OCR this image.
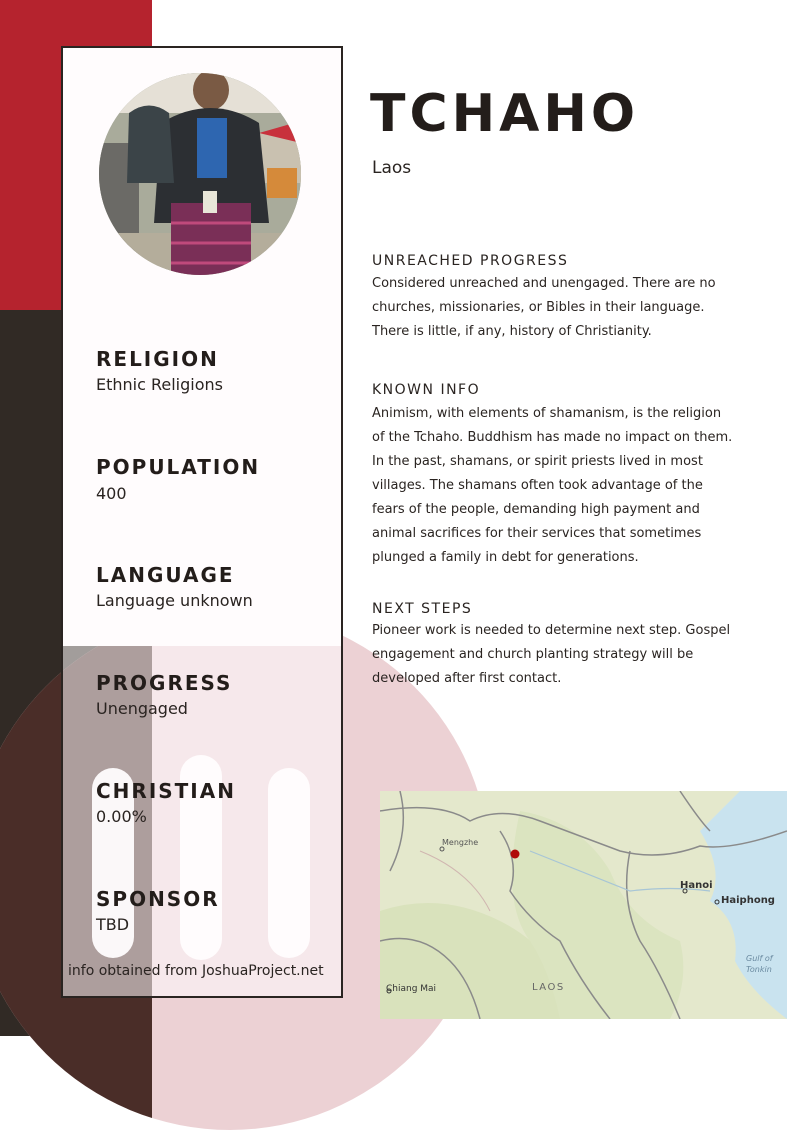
RELIGION
Ethnic Religions
POPULATION
400
LANGUAGE
Language unknown
PROGRESS
Unengaged
CHRISTIAN
0.00%
SPONSOR
TBD
info obtained from JoshuaProject.net
TCHAHO
Laos
UNREACHED PROGRESS
Considered unreached and unengaged. There are no
churches, missionaries, or Bibles in their language.
There is little, if any, history of Christianity.
KNOWN INFO
Animism, with elements of shamanism, is the religion
of the Tchaho. Buddhism has made no impact on them.
In the past, shamans, or spirit priests lived in most
villages. The shamans often took advantage of the
fears of the people, demanding high payment and
animal sacrifices for their services that sometimes
plunged a family in debt for generations.
NEXT STEPS
Pioneer work is needed to determine next step. Gospel
engagement and church planting strategy will be
developed after first contact.
Mengzhe
Hanoi
Haiphong
Gulf of
Tonkin
Chiang Mai	LAOS
